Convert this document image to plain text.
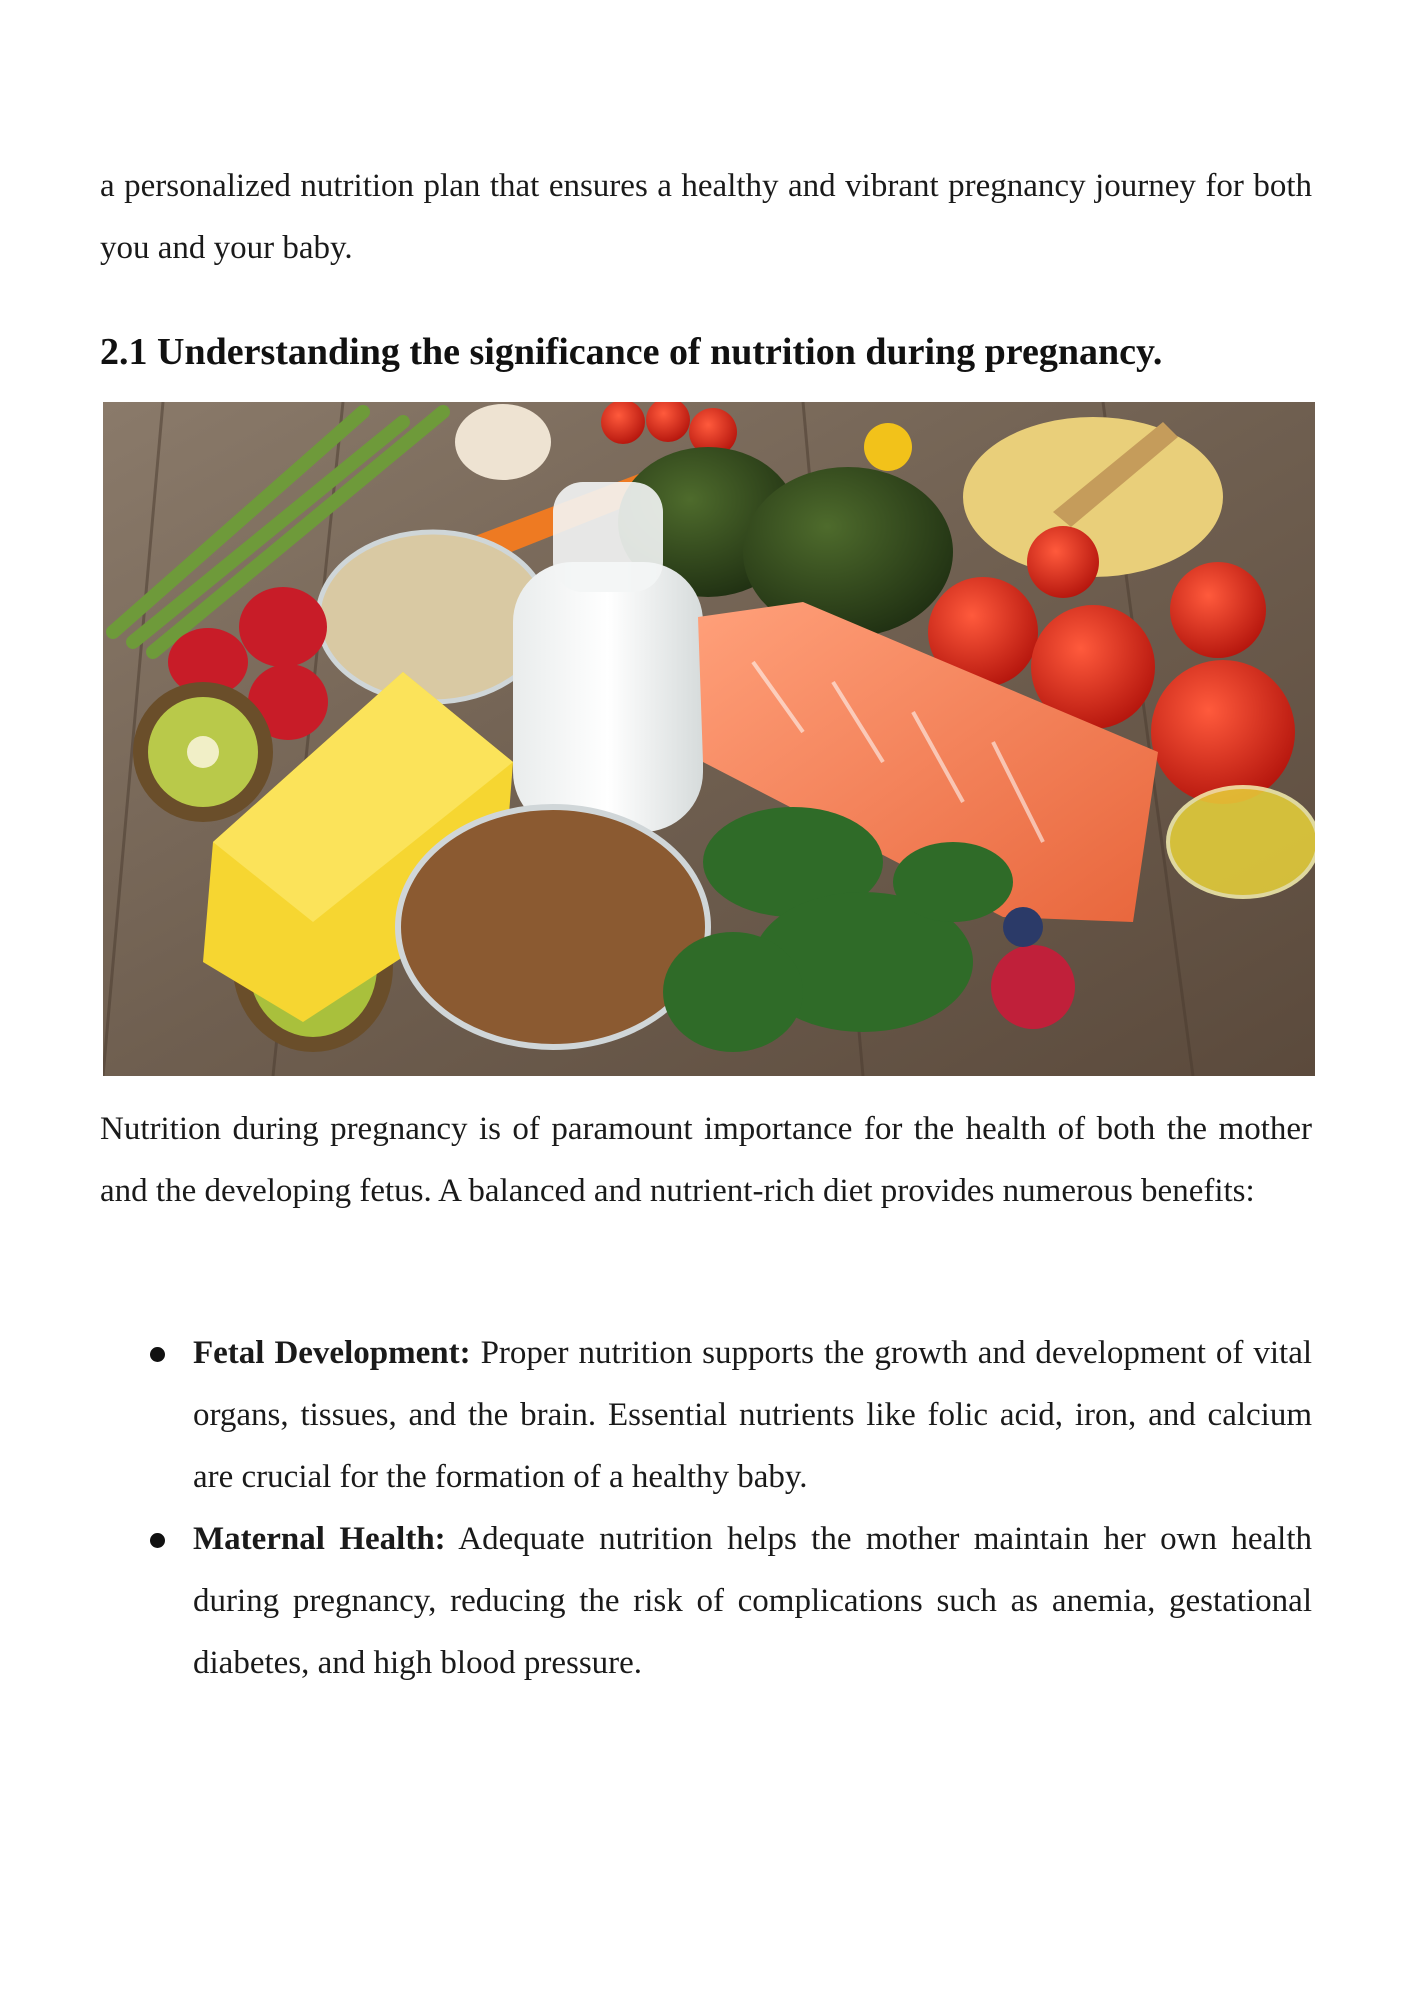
a personalized nutrition plan that ensures a healthy and vibrant pregnancy journey for both you and your baby.

2.1 Understanding the significance of nutrition during pregnancy.

Nutrition during pregnancy is of paramount importance for the health of both the mother and the developing fetus. A balanced and nutrient-rich diet provides numerous benefits:

Fetal Development: Proper nutrition supports the growth and development of vital organs, tissues, and the brain. Essential nutrients like folic acid, iron, and calcium are crucial for the formation of a healthy baby.
Maternal Health: Adequate nutrition helps the mother maintain her own health during pregnancy, reducing the risk of complications such as anemia, gestational diabetes, and high blood pressure.
